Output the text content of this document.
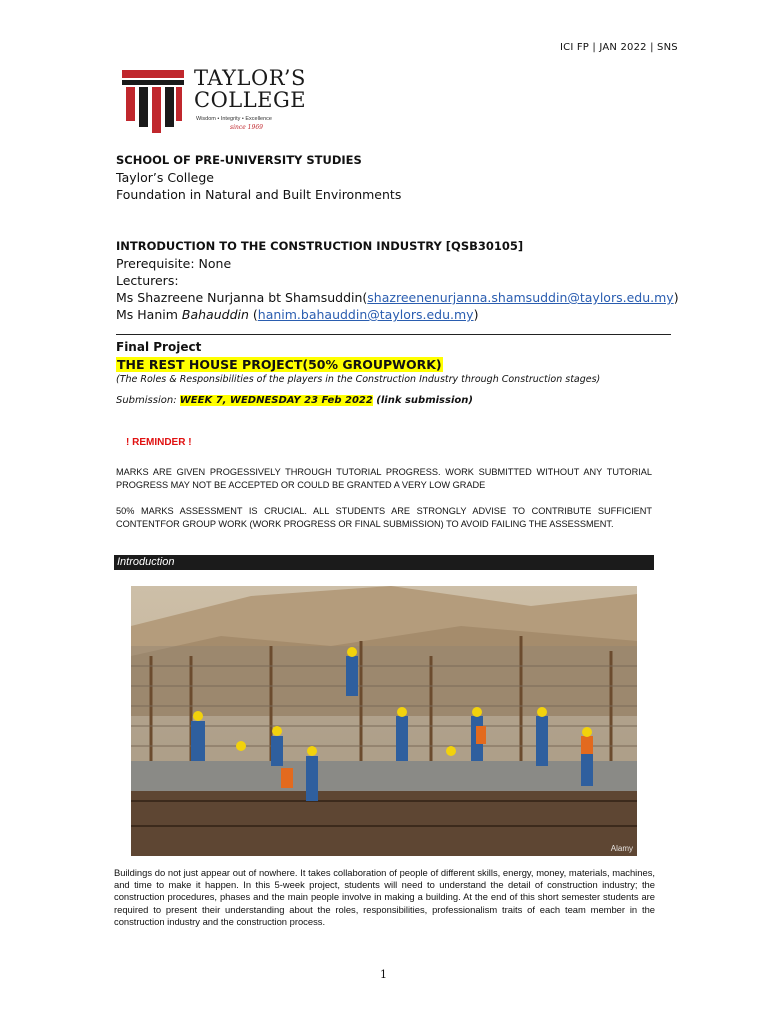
ICI FP | JAN 2022 | SNS
TAYLOR’S
COLLEGE
Wisdom • Integrity • Excellence
since 1969
SCHOOL OF PRE-UNIVERSITY STUDIES
Taylor’s College
Foundation in Natural and Built Environments
INTRODUCTION TO THE CONSTRUCTION INDUSTRY [QSB30105]
Prerequisite: None
Lecturers:
Ms Shazreene Nurjanna bt Shamsuddin(shazreenenurjanna.shamsuddin@taylors.edu.my)
Ms Hanim Bahauddin (hanim.bahauddin@taylors.edu.my)
Final Project
THE REST HOUSE PROJECT(50% GROUPWORK)
(The Roles & Responsibilities of the players in the Construction Industry through Construction stages)
Submission: WEEK 7, WEDNESDAY 23 Feb 2022 (link submission)
! REMINDER !
MARKS ARE GIVEN PROGESSIVELY THROUGH TUTORIAL PROGRESS. WORK SUBMITTED WITHOUT ANY TUTORIAL PROGRESS MAY NOT BE ACCEPTED OR COULD BE GRANTED A VERY LOW GRADE
50% MARKS ASSESSMENT IS CRUCIAL. ALL STUDENTS ARE STRONGLY ADVISE TO CONTRIBUTE SUFFICIENT CONTENTFOR GROUP WORK (WORK PROGRESS OR FINAL SUBMISSION) TO AVOID FAILING THE ASSESSMENT.
Introduction
Alamy
Buildings do not just appear out of nowhere. It takes collaboration of people of different skills, energy, money, materials, machines, and time to make it happen. In this 5-week project, students will need to understand the detail of construction industry; the construction procedures, phases and the main people involve in making a building. At the end of this short semester students are required to present their understanding about the roles, responsibilities, professionalism traits of each team member in the construction industry and the construction process.
1
